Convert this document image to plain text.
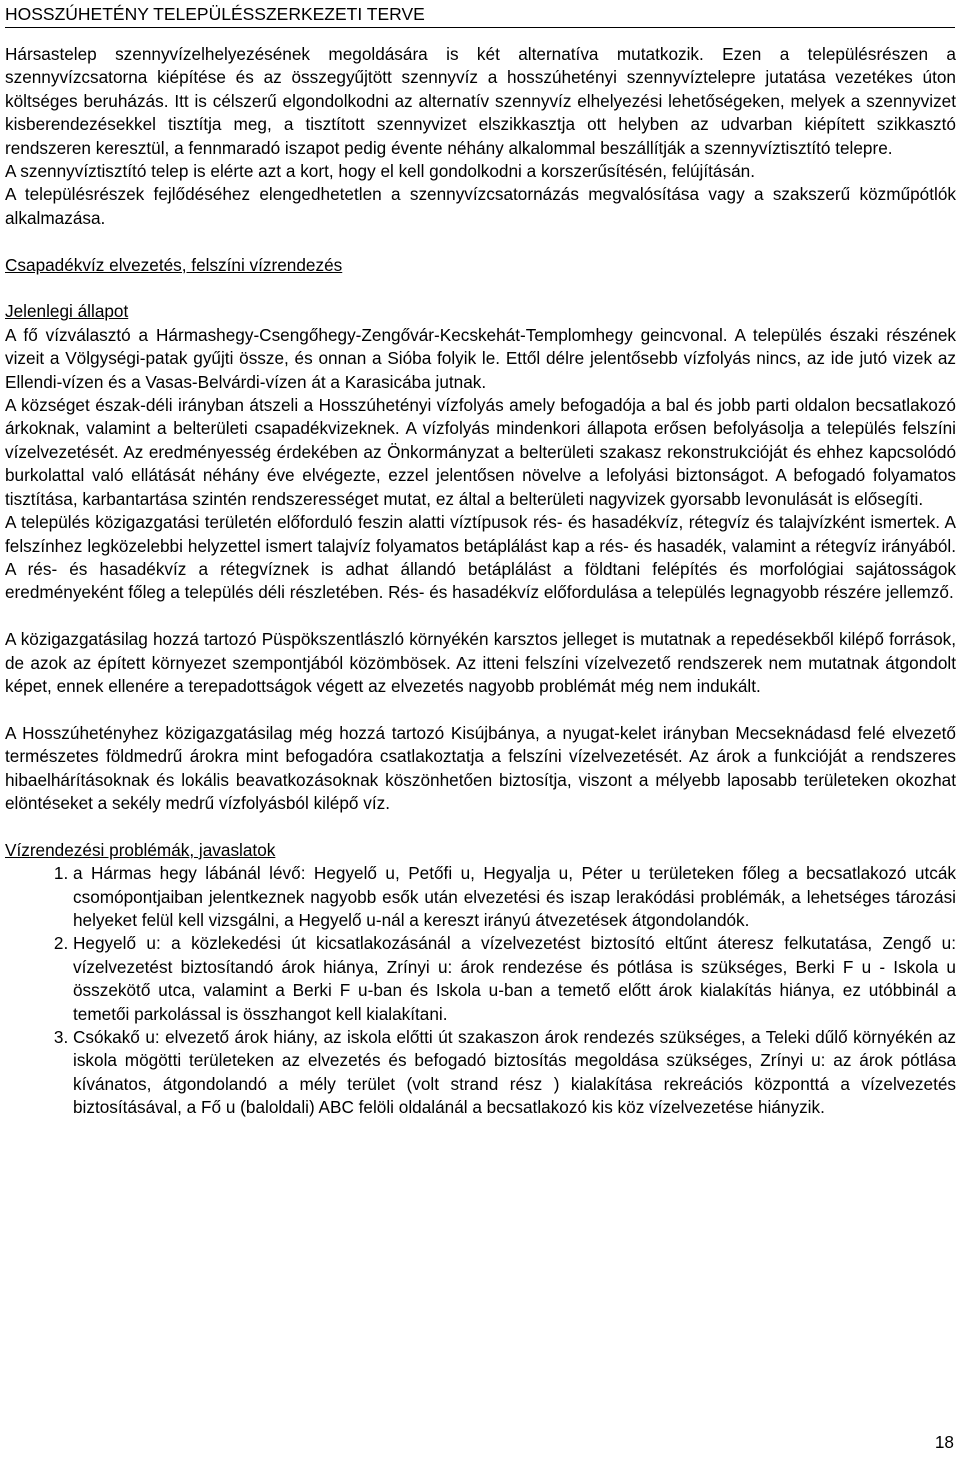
HOSSZÚHETÉNY TELEPÜLÉSSZERKEZETI TERVE

Hársastelep szennyvízelhelyezésének megoldására is két alternatíva mutatkozik. Ezen a településrészen a szennyvízcsatorna kiépítése és az összegyűjtött szennyvíz a hosszúhetényi szennyvíztelepre jutatása vezetékes úton költséges beruházás. Itt is célszerű elgondolkodni az alternatív szennyvíz elhelyezési lehetőségeken, melyek a szennyvizet kisberendezésekkel tisztítja meg, a tisztított szennyvizet elszikkasztja ott helyben az udvarban kiépített szikkasztó rendszeren keresztül, a fennmaradó iszapot pedig évente néhány alkalommal beszállítják a szennyvíztisztító telepre.

A szennyvíztisztító telep is elérte azt a kort, hogy el kell gondolkodni a korszerűsítésén, felújításán.

A településrészek fejlődéséhez elengedhetetlen a szennyvízcsatornázás megvalósítása vagy a szakszerű közműpótlók alkalmazása.

Csapadékvíz elvezetés, felszíni vízrendezés

Jelenlegi állapot

A fő vízválasztó a Hármashegy-Csengőhegy-Zengővár-Kecskehát-Templomhegy geincvonal. A település északi részének vizeit a Völgységi-patak gyűjti össze, és onnan a Sióba folyik le. Ettől délre jelentősebb vízfolyás nincs, az ide jutó vizek az Ellendi-vízen és a Vasas-Belvárdi-vízen át a Karasicába jutnak.

A községet észak-déli irányban átszeli a Hosszúhetényi vízfolyás amely befogadója a bal és jobb parti oldalon becsatlakozó árkoknak, valamint a belterületi csapadékvizeknek. A vízfolyás mindenkori állapota erősen befolyásolja a település felszíni vízelvezetését. Az eredményesség érdekében az Önkormányzat a belterületi szakasz rekonstrukcióját és ehhez kapcsolódó burkolattal való ellátását néhány éve elvégezte, ezzel jelentősen növelve a lefolyási biztonságot. A befogadó folyamatos tisztítása, karbantartása szintén rendszerességet mutat, ez által a belterületi nagyvizek gyorsabb levonulását is elősegíti.

A település közigazgatási területén előforduló feszin alatti víztípusok rés- és hasadékvíz, rétegvíz és talajvízként ismertek. A felszínhez legközelebbi helyzettel ismert talajvíz folyamatos betáplálást kap a rés- és hasadék, valamint a rétegvíz irányából. A rés- és hasadékvíz a rétegvíznek is adhat állandó betáplálást a földtani felépítés és morfológiai sajátosságok eredményeként főleg a település déli részletében. Rés- és hasadékvíz előfordulása a település legnagyobb részére jellemző.

A közigazgatásilag hozzá tartozó Püspökszentlászló környékén karsztos jelleget is mutatnak a repedésekből kilépő források, de azok az épített környezet szempontjából közömbösek. Az itteni felszíni vízelvezető rendszerek nem mutatnak átgondolt képet, ennek ellenére a terepadottságok végett az elvezetés nagyobb problémát még nem indukált.

A Hosszúhetényhez közigazgatásilag még hozzá tartozó Kisújbánya, a nyugat-kelet irányban Mecseknádasd felé elvezető természetes földmedrű árokra mint befogadóra csatlakoztatja a felszíni vízelvezetését. Az árok a funkcióját a rendszeres hibaelhárításoknak és lokális beavatkozásoknak köszönhetően biztosítja, viszont a mélyebb laposabb területeken okozhat elöntéseket a sekély medrű vízfolyásból kilépő víz.

Vízrendezési problémák, javaslatok

1. a Hármas hegy lábánál lévő: Hegyelő u, Petőfi u, Hegyalja u, Péter u területeken főleg a becsatlakozó utcák csomópontjaiban jelentkeznek nagyobb esők után elvezetési és iszap lerakódási problémák, a lehetséges tározási helyeket felül kell vizsgálni, a Hegyelő u-nál a kereszt irányú átvezetések átgondolandók.
2. Hegyelő u: a közlekedési út kicsatlakozásánál a vízelvezetést biztosító eltűnt áteresz felkutatása, Zengő u: vízelvezetést biztosítandó árok hiánya, Zrínyi u: árok rendezése és pótlása is szükséges, Berki F u - Iskola u összekötő utca, valamint a Berki F u-ban és Iskola u-ban a temető előtt árok kialakítás hiánya, ez utóbbinál a temetői parkolással is összhangot kell kialakítani.
3. Csókakő u: elvezető árok hiány, az iskola előtti út szakaszon árok rendezés szükséges, a Teleki dűlő környékén az iskola mögötti területeken az elvezetés és befogadó biztosítás megoldása szükséges, Zrínyi u: az árok pótlása kívánatos, átgondolandó a mély terület (volt strand rész ) kialakítása rekreációs központtá a vízelvezetés biztosításával, a Fő u (baloldali) ABC felöli oldalánál a becsatlakozó kis köz vízelvezetése hiányzik.
18
